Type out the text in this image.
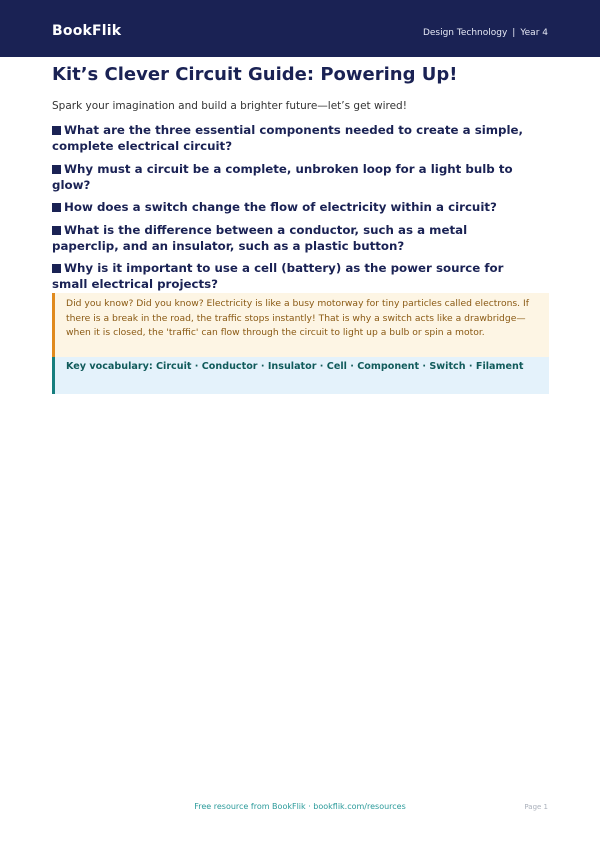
BookFlik	Design Technology | Year 4
Kit’s Clever Circuit Guide: Powering Up!

Spark your imagination and build a brighter future—let’s get wired!

What are the three essential components needed to create a simple, complete electrical circuit?
Why must a circuit be a complete, unbroken loop for a light bulb to glow?
How does a switch change the flow of electricity within a circuit?
What is the difference between a conductor, such as a metal paperclip, and an insulator, such as a plastic button?
Why is it important to use a cell (battery) as the power source for small electrical projects?

Did you know? Did you know? Electricity is like a busy motorway for tiny particles called electrons. If there is a break in the road, the traffic stops instantly! That is why a switch acts like a drawbridge—when it is closed, the 'traffic' can flow through the circuit to light up a bulb or spin a motor.

Key vocabulary: Circuit · Conductor · Insulator · Cell · Component · Switch · Filament

Free resource from BookFlik · bookflik.com/resources	Page 1
